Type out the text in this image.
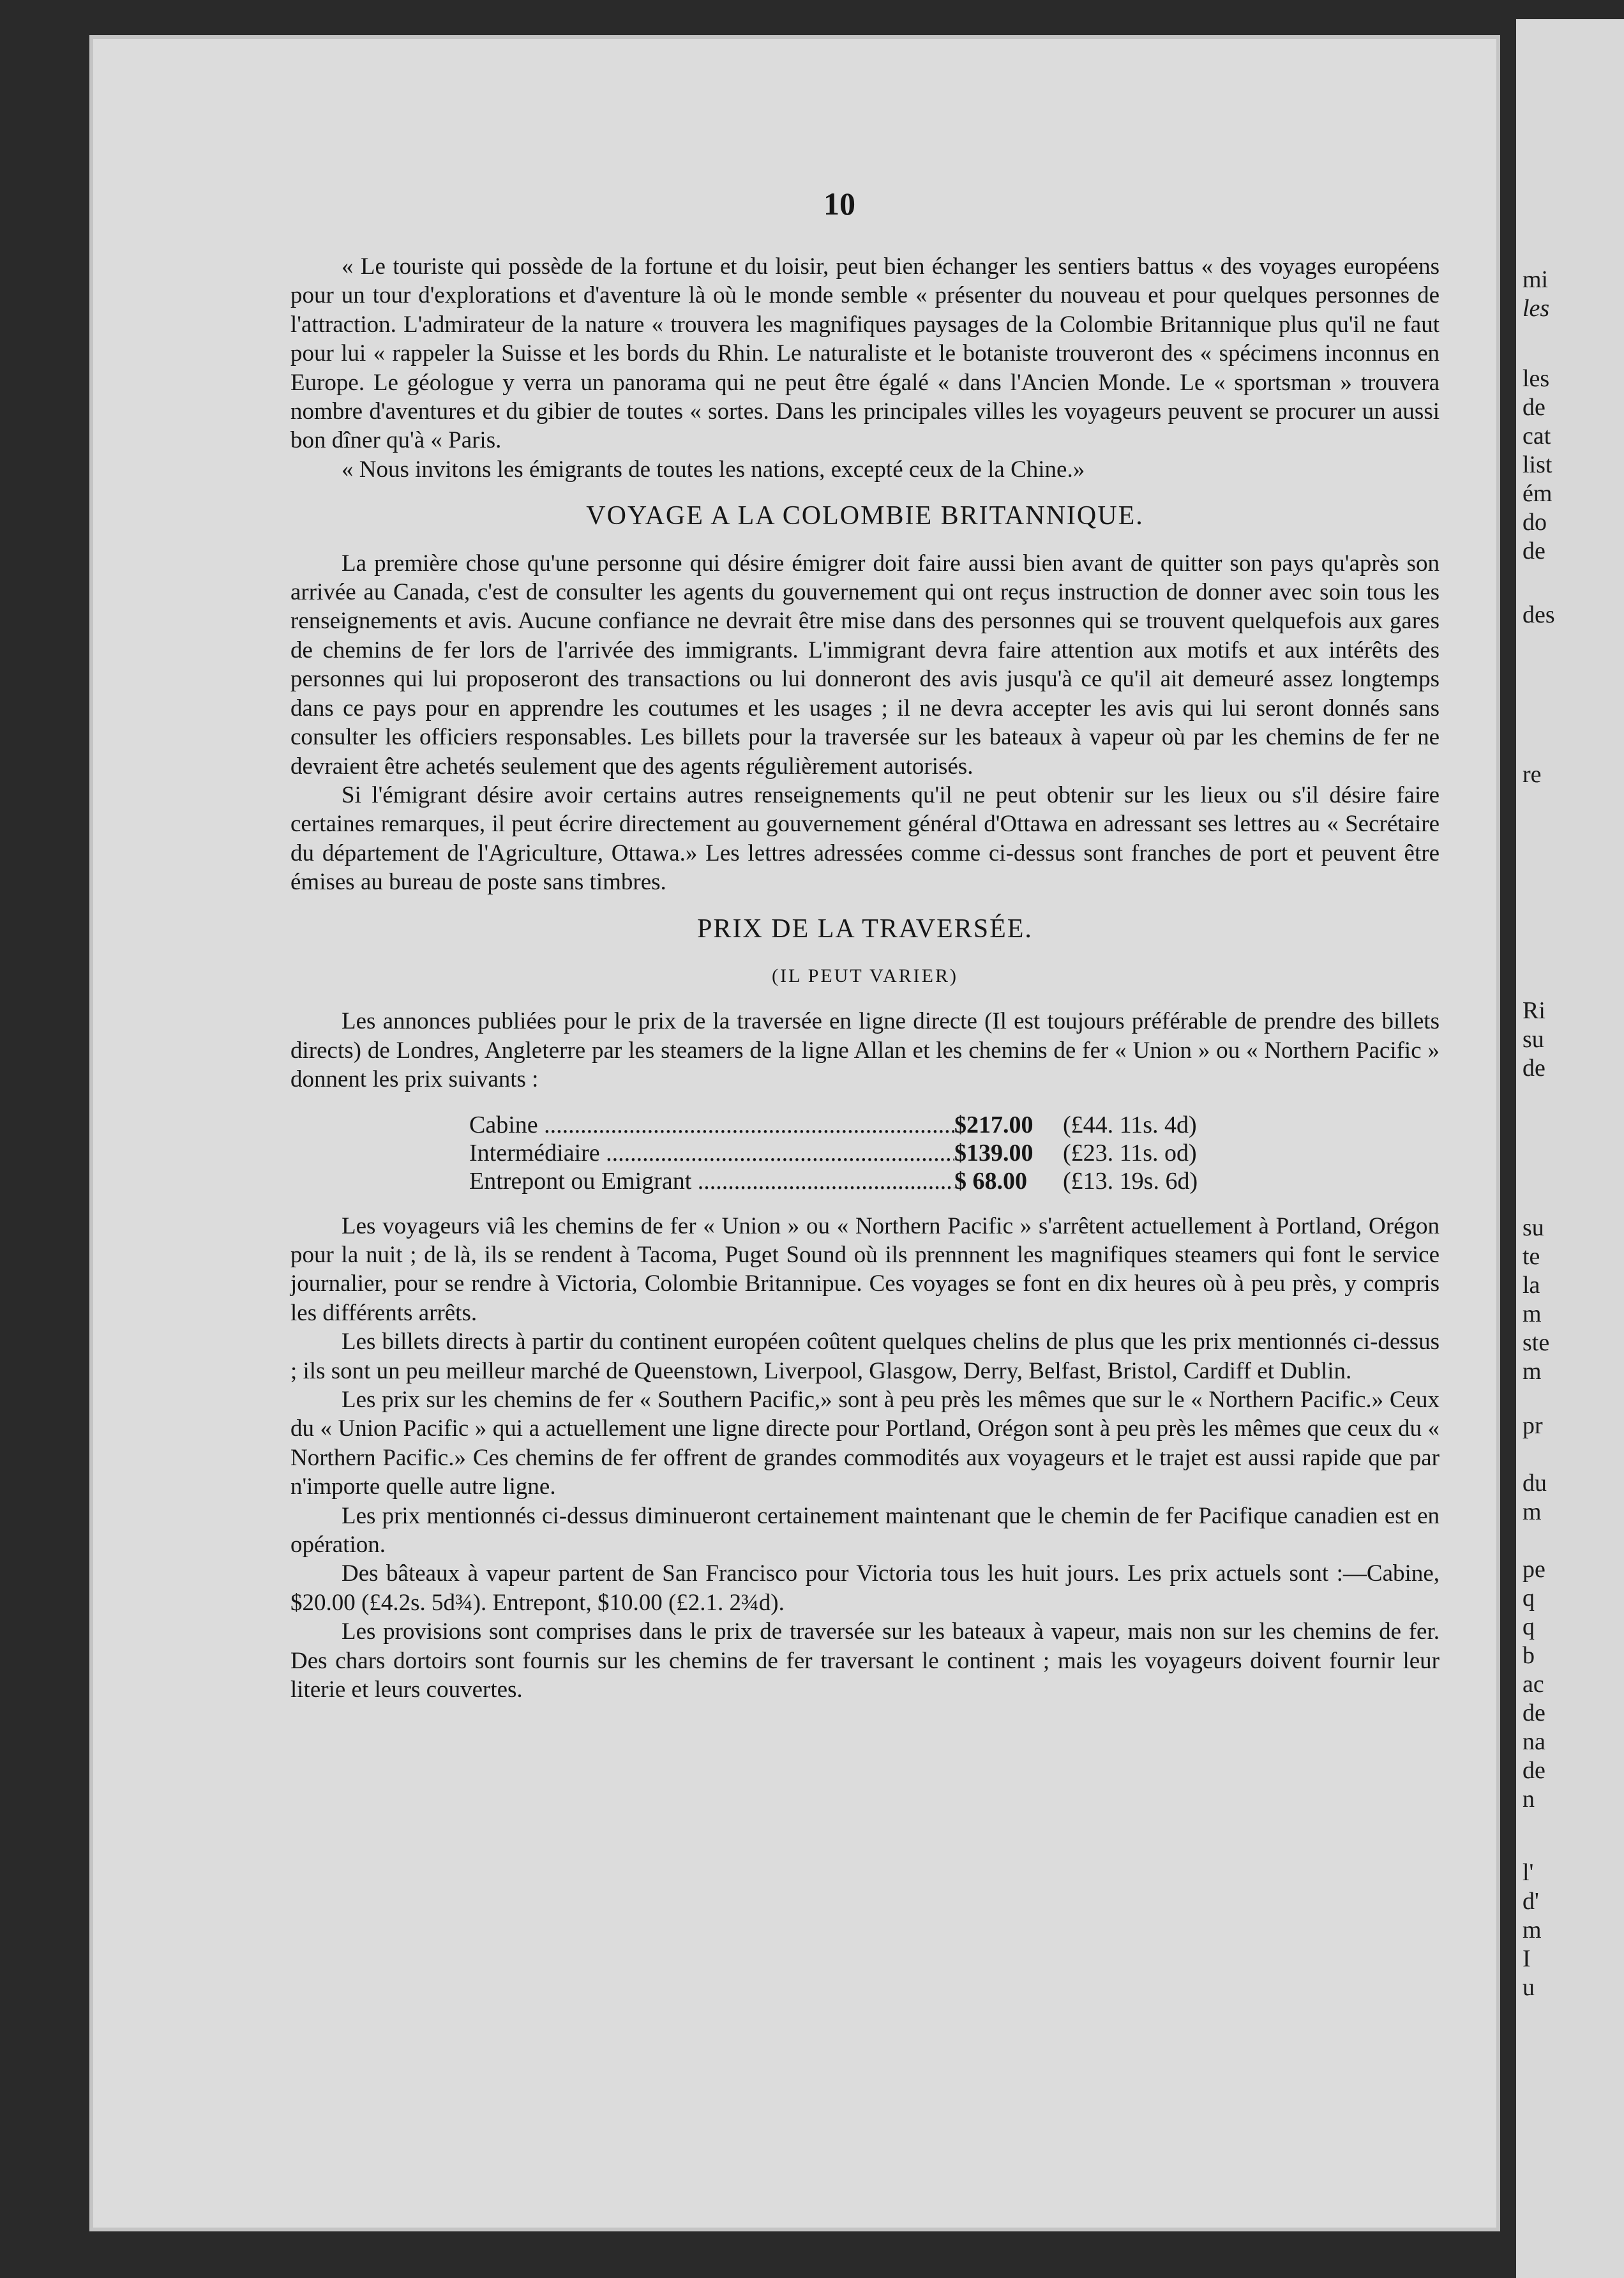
mi
les
les
de
cat
list
ém
do
de
des
re
Ri
su
de
su
te
la
m
ste
m
pr
du
m
pe
q
q
b
ac
de
na
de
n
l'
d'
m
I
u
10

« Le touriste qui possède de la fortune et du loisir, peut bien échanger les sentiers battus « des voyages européens pour un tour d'explorations et d'aventure là où le monde semble « présenter du nouveau et pour quelques personnes de l'attraction. L'admirateur de la nature « trouvera les magnifiques paysages de la Colombie Britannique plus qu'il ne faut pour lui « rappeler la Suisse et les bords du Rhin. Le naturaliste et le botaniste trouveront des « spécimens inconnus en Europe. Le géologue y verra un panorama qui ne peut être égalé « dans l'Ancien Monde. Le « sportsman » trouvera nombre d'aventures et du gibier de toutes « sortes. Dans les principales villes les voyageurs peuvent se procurer un aussi bon dîner qu'à « Paris.

« Nous invitons les émigrants de toutes les nations, excepté ceux de la Chine.»

VOYAGE A LA COLOMBIE BRITANNIQUE.

La première chose qu'une personne qui désire émigrer doit faire aussi bien avant de quitter son pays qu'après son arrivée au Canada, c'est de consulter les agents du gouvernement qui ont reçus instruction de donner avec soin tous les renseignements et avis. Aucune confiance ne devrait être mise dans des personnes qui se trouvent quelquefois aux gares de chemins de fer lors de l'arrivée des immigrants. L'immigrant devra faire attention aux motifs et aux intérêts des personnes qui lui proposeront des transactions ou lui donneront des avis jusqu'à ce qu'il ait demeuré assez longtemps dans ce pays pour en apprendre les coutumes et les usages ; il ne devra accepter les avis qui lui seront donnés sans consulter les officiers responsables. Les billets pour la traversée sur les bateaux à vapeur où par les chemins de fer ne devraient être achetés seulement que des agents régulièrement autorisés.

Si l'émigrant désire avoir certains autres renseignements qu'il ne peut obtenir sur les lieux ou s'il désire faire certaines remarques, il peut écrire directement au gouvernement général d'Ottawa en adressant ses lettres au « Secrétaire du département de l'Agriculture, Ottawa.» Les lettres adressées comme ci-dessus sont franches de port et peuvent être émises au bureau de poste sans timbres.

PRIX DE LA TRAVERSÉE.
(IL PEUT VARIER)

Les annonces publiées pour le prix de la traversée en ligne directe (Il est toujours préférable de prendre des billets directs) de Londres, Angleterre par les steamers de la ligne Allan et les chemins de fer « Union » ou « Northern Pacific » donnent les prix suivants :

Cabine .....	$217.00	(£44. 11s. 4d)
Intermédiaire .....	$139.00	(£23. 11s. od)
Entrepont ou Emigrant .....	$ 68.00	(£13. 19s. 6d)

Les voyageurs viâ les chemins de fer « Union » ou « Northern Pacific » s'arrêtent actuellement à Portland, Orégon pour la nuit ; de là, ils se rendent à Tacoma, Puget Sound où ils prennnent les magnifiques steamers qui font le service journalier, pour se rendre à Victoria, Colombie Britannipue. Ces voyages se font en dix heures où à peu près, y compris les différents arrêts.

Les billets directs à partir du continent européen coûtent quelques chelins de plus que les prix mentionnés ci-dessus ; ils sont un peu meilleur marché de Queenstown, Liverpool, Glasgow, Derry, Belfast, Bristol, Cardiff et Dublin.

Les prix sur les chemins de fer « Southern Pacific,» sont à peu près les mêmes que sur le « Northern Pacific.» Ceux du « Union Pacific » qui a actuellement une ligne directe pour Portland, Orégon sont à peu près les mêmes que ceux du « Northern Pacific.» Ces chemins de fer offrent de grandes commodités aux voyageurs et le trajet est aussi rapide que par n'importe quelle autre ligne.

Les prix mentionnés ci-dessus diminueront certainement maintenant que le chemin de fer Pacifique canadien est en opération.

Des bâteaux à vapeur partent de San Francisco pour Victoria tous les huit jours. Les prix actuels sont :—Cabine, $20.00 (£4.2s. 5d¾). Entrepont, $10.00 (£2.1. 2¾d).

Les provisions sont comprises dans le prix de traversée sur les bateaux à vapeur, mais non sur les chemins de fer. Des chars dortoirs sont fournis sur les chemins de fer traversant le continent ; mais les voyageurs doivent fournir leur literie et leurs couvertes.
